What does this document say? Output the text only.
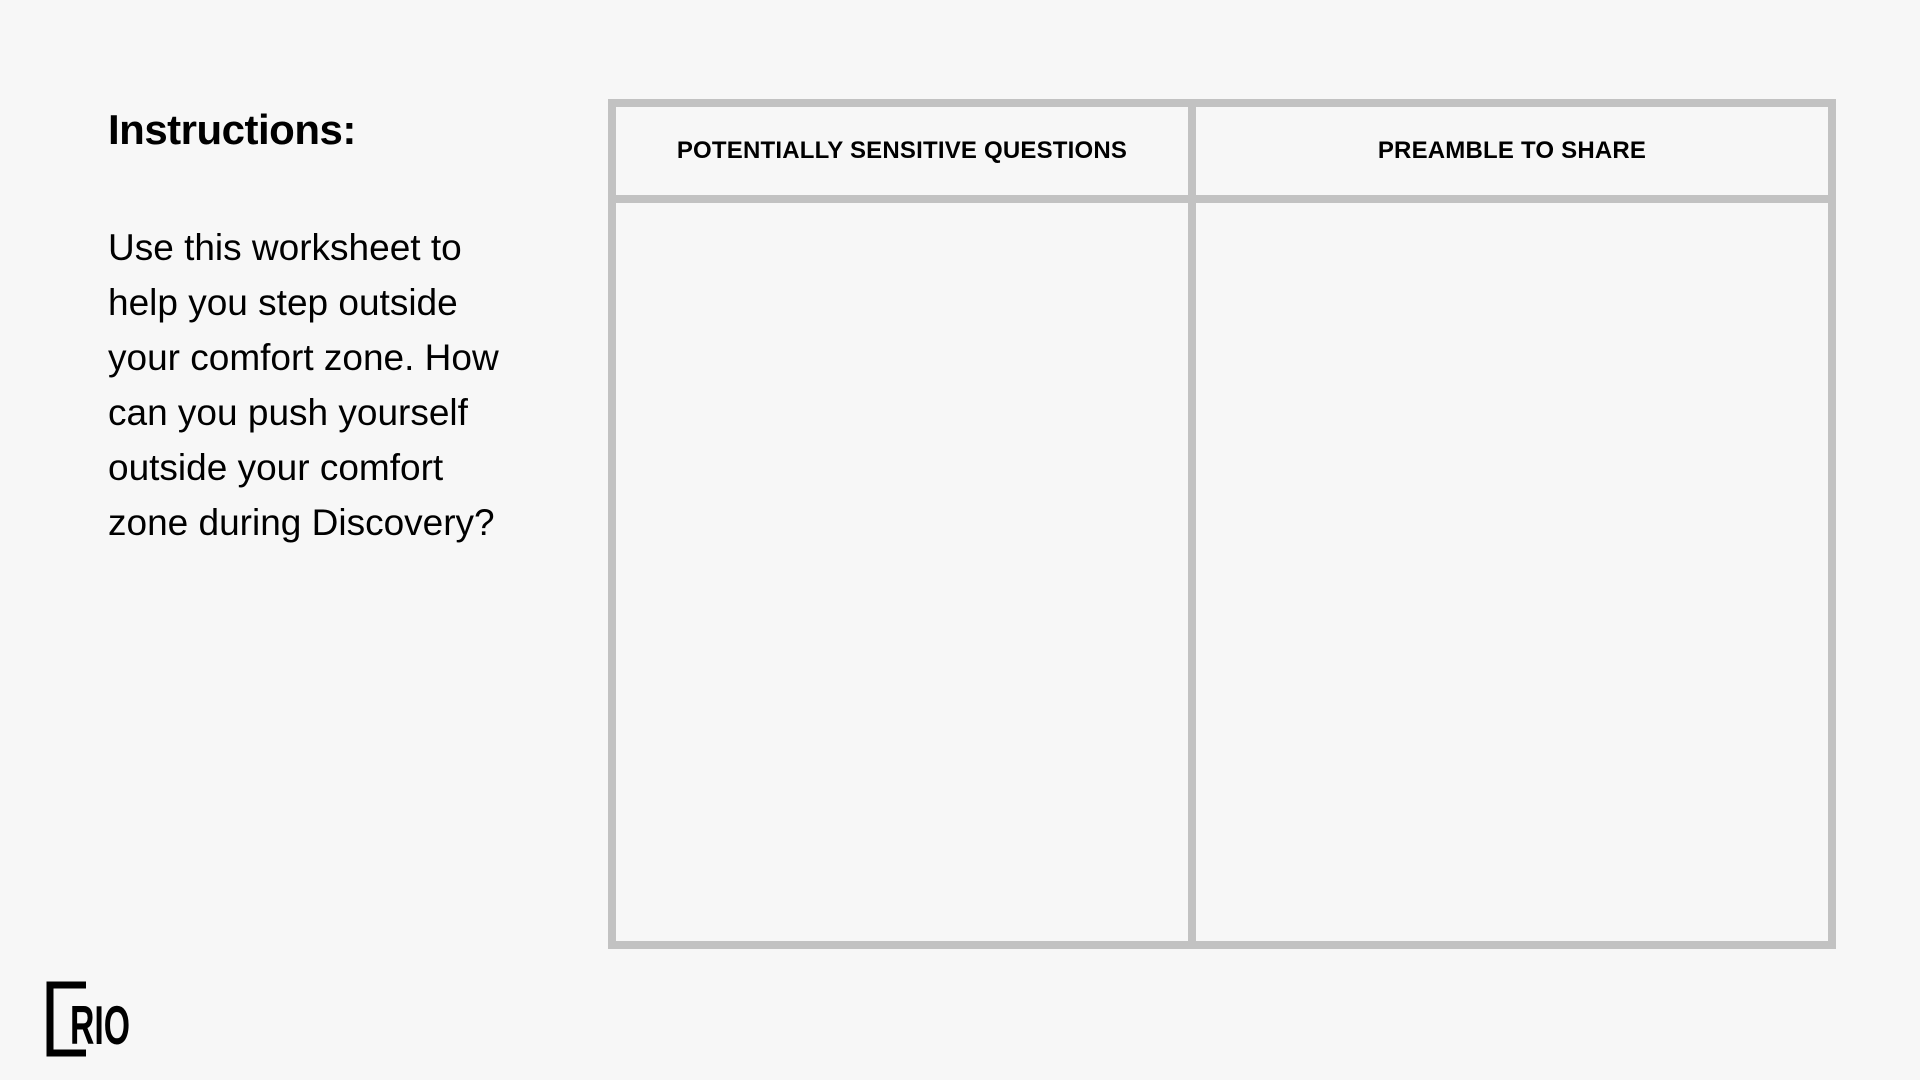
Instructions:

Use this worksheet to help you step outside your comfort zone. How can you push yourself outside your comfort zone during Discovery?

POTENTIALLY SENSITIVE QUESTIONS	PREAMBLE TO SHARE
RIO
